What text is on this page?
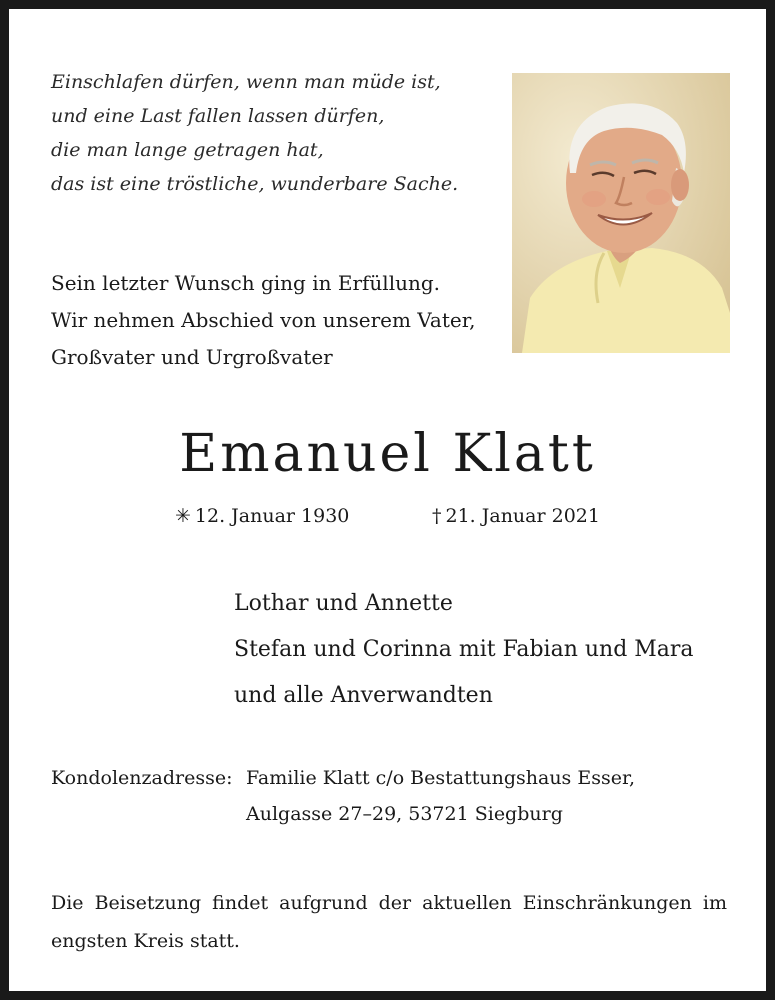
Einschlafen dürfen, wenn man müde ist,
und eine Last fallen lassen dürfen,
die man lange getragen hat,
das ist eine tröstliche, wunderbare Sache.
Sein letzter Wunsch ging in Erfüllung.
Wir nehmen Abschied von unserem Vater,
Großvater und Urgroßvater
Emanuel Klatt
✳ 12. Januar 1930	† 21. Januar 2021
Lothar und Annette
Stefan und Corinna mit Fabian und Mara
und alle Anverwandten
Kondolenzadresse: Familie Klatt c/o Bestattungshaus Esser,
Aulgasse 27–29, 53721 Siegburg
Die Beisetzung findet aufgrund der aktuellen Einschränkungen im engsten Kreis statt.
